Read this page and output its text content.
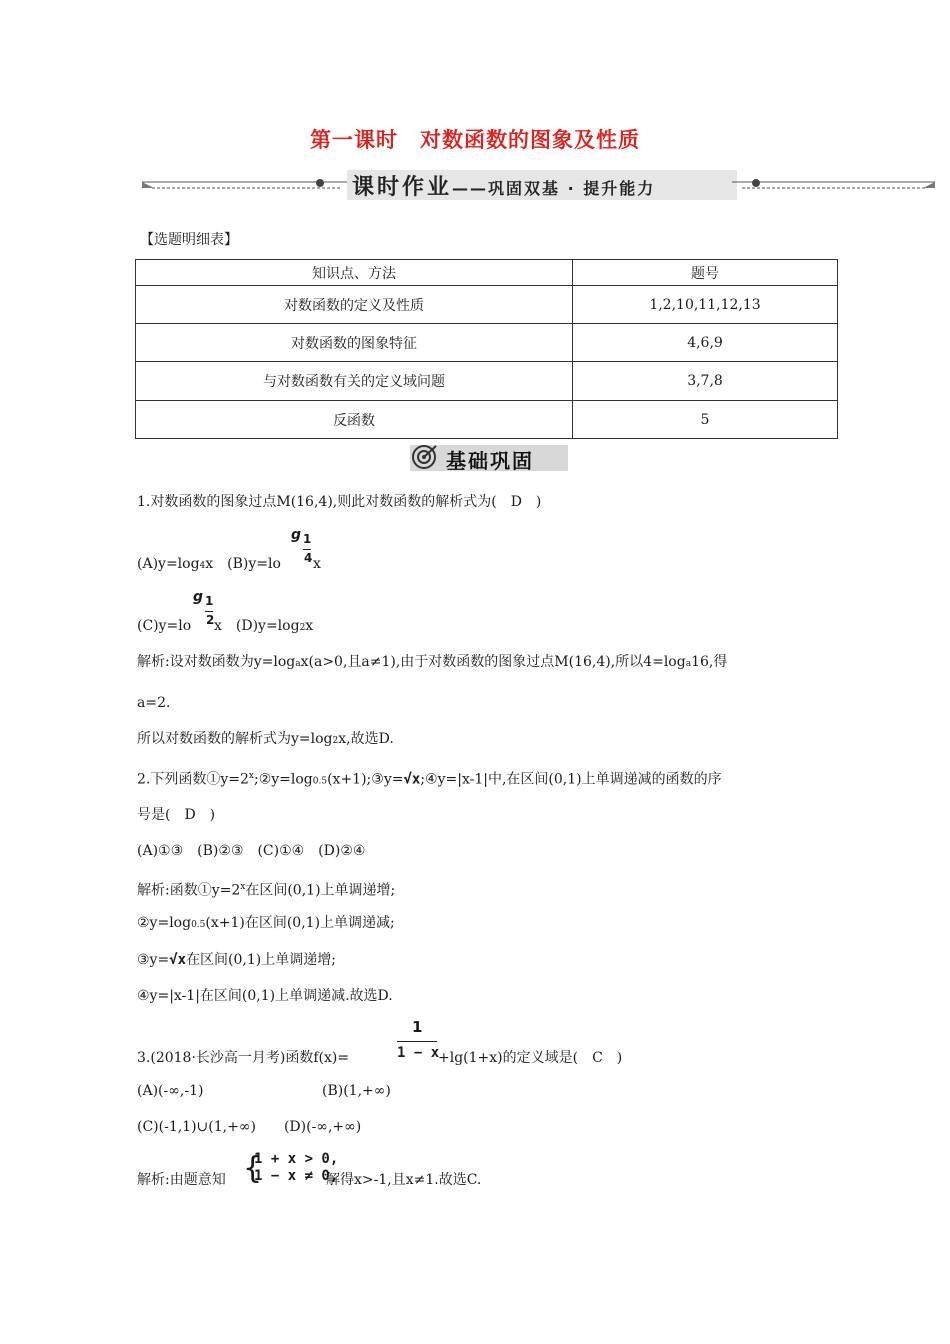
第一课时　对数函数的图象及性质
课时作业——巩固双基 · 提升能力
【选题明细表】
知识点、方法	题号
对数函数的定义及性质	1,2,10,11,12,13
对数函数的图象特征	4,6,9
与对数函数有关的定义域问题	3,7,8
反函数	5
基础巩固
1.对数函数的图象过点M(16,4),则此对数函数的解析式为(　D　)
(A)y=log4x　(B)y=lo
g 1
4 x
g 1
2
(C)y=lo x　(D)y=log2x
解析:设对数函数为y=logax(a>0,且a≠1),由于对数函数的图象过点M(16,4),所以4=loga16,得
a=2.
所以对数函数的解析式为y=log2x,故选D.
2.下列函数$①y=2^x;②y=\log 0.5(x+1);③y=√x;④y=|x-1|$中,在区间(0,1)上单调递减的函数的序
号是(　D　)
(A)①③　(B)②③　(C)①④　(D)②④
解析:函数$①y=2^x$在区间(0,1)上单调递增;
②y=log0.5(x+1)在区间(0,1)上单调递减;
③y=√x在区间(0,1)上单调递增;
④y=|x-1|在区间(0,1)上单调递减.故选D.
1
3.(2018·长沙高一月考)函数f(x)=	1 − x
+lg(1+x)的定义域是(　C　)
(A)(-∞,-1)	(B)(1,+∞)
(C)(-1,1)∪(1,+∞)　　(D)(-∞,+∞)
解析:由题意知 {
1 + x > 0,
1 − x ≠ 0,
解得x>-1,且x≠1.故选C.
